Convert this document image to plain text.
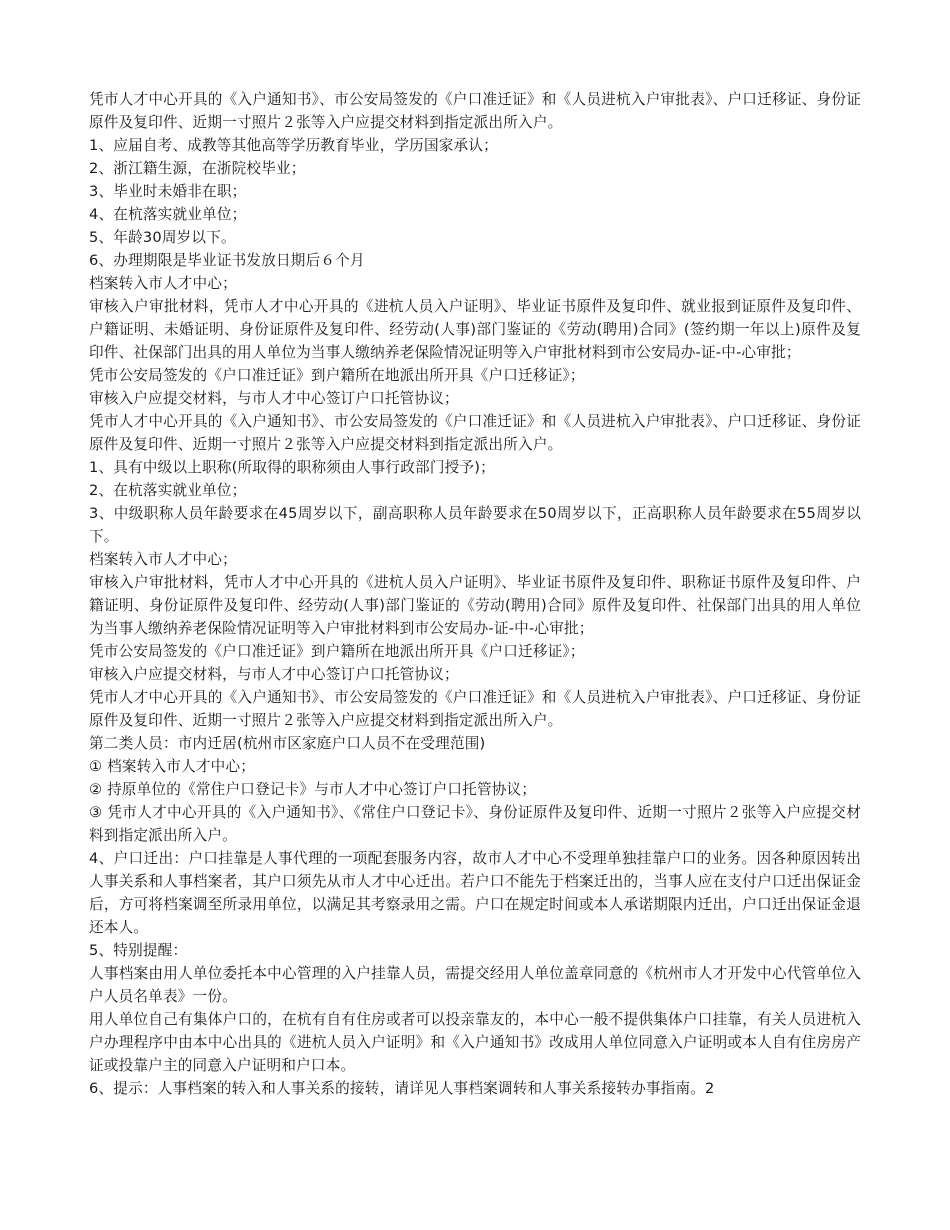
凭市人才中心开具的《入户通知书》、市公安局签发的《户口准迁证》和《人员进杭入户审批表》、户口迁移证、身份证原件及复印件、近期一寸照片２张等入户应提交材料到指定派出所入户。

1、应届自考、成教等其他高等学历教育毕业，学历国家承认；

2、浙江籍生源，在浙院校毕业；

3、毕业时未婚非在职；

4、在杭落实就业单位；

5、年龄30周岁以下。

6、办理期限是毕业证书发放日期后６个月

档案转入市人才中心；

审核入户审批材料，凭市人才中心开具的《进杭人员入户证明》、毕业证书原件及复印件、就业报到证原件及复印件、户籍证明、未婚证明、身份证原件及复印件、经劳动(人事)部门鉴证的《劳动(聘用)合同》(签约期一年以上)原件及复印件、社保部门出具的用人单位为当事人缴纳养老保险情况证明等入户审批材料到市公安局办-证-中-心审批；

凭市公安局签发的《户口准迁证》到户籍所在地派出所开具《户口迁移证》；

审核入户应提交材料，与市人才中心签订户口托管协议；

凭市人才中心开具的《入户通知书》、市公安局签发的《户口准迁证》和《人员进杭入户审批表》、户口迁移证、身份证原件及复印件、近期一寸照片２张等入户应提交材料到指定派出所入户。

1、具有中级以上职称(所取得的职称须由人事行政部门授予)；

2、在杭落实就业单位；

3、中级职称人员年龄要求在45周岁以下，副高职称人员年龄要求在50周岁以下，正高职称人员年龄要求在55周岁以下。

档案转入市人才中心；

审核入户审批材料，凭市人才中心开具的《进杭人员入户证明》、毕业证书原件及复印件、职称证书原件及复印件、户籍证明、身份证原件及复印件、经劳动(人事)部门鉴证的《劳动(聘用)合同》原件及复印件、社保部门出具的用人单位为当事人缴纳养老保险情况证明等入户审批材料到市公安局办-证-中-心审批；

凭市公安局签发的《户口准迁证》到户籍所在地派出所开具《户口迁移证》；

审核入户应提交材料，与市人才中心签订户口托管协议；

凭市人才中心开具的《入户通知书》、市公安局签发的《户口准迁证》和《人员进杭入户审批表》、户口迁移证、身份证原件及复印件、近期一寸照片２张等入户应提交材料到指定派出所入户。

第二类人员：市内迁居(杭州市区家庭户口人员不在受理范围)

① 档案转入市人才中心；

② 持原单位的《常住户口登记卡》与市人才中心签订户口托管协议；

③ 凭市人才中心开具的《入户通知书》、《常住户口登记卡》、身份证原件及复印件、近期一寸照片２张等入户应提交材料到指定派出所入户。

4、户口迁出：户口挂靠是人事代理的一项配套服务内容，故市人才中心不受理单独挂靠户口的业务。因各种原因转出人事关系和人事档案者，其户口须先从市人才中心迁出。若户口不能先于档案迁出的，当事人应在支付户口迁出保证金后，方可将档案调至所录用单位，以满足其考察录用之需。户口在规定时间或本人承诺期限内迁出，户口迁出保证金退还本人。

5、特别提醒：

人事档案由用人单位委托本中心管理的入户挂靠人员，需提交经用人单位盖章同意的《杭州市人才开发中心代管单位入户人员名单表》一份。

用人单位自己有集体户口的，在杭有自有住房或者可以投亲靠友的，本中心一般不提供集体户口挂靠，有关人员进杭入户办理程序中由本中心出具的《进杭人员入户证明》和《入户通知书》改成用人单位同意入户证明或本人自有住房房产证或投靠户主的同意入户证明和户口本。

6、提示：人事档案的转入和人事关系的接转，请详见人事档案调转和人事关系接转办事指南。2
